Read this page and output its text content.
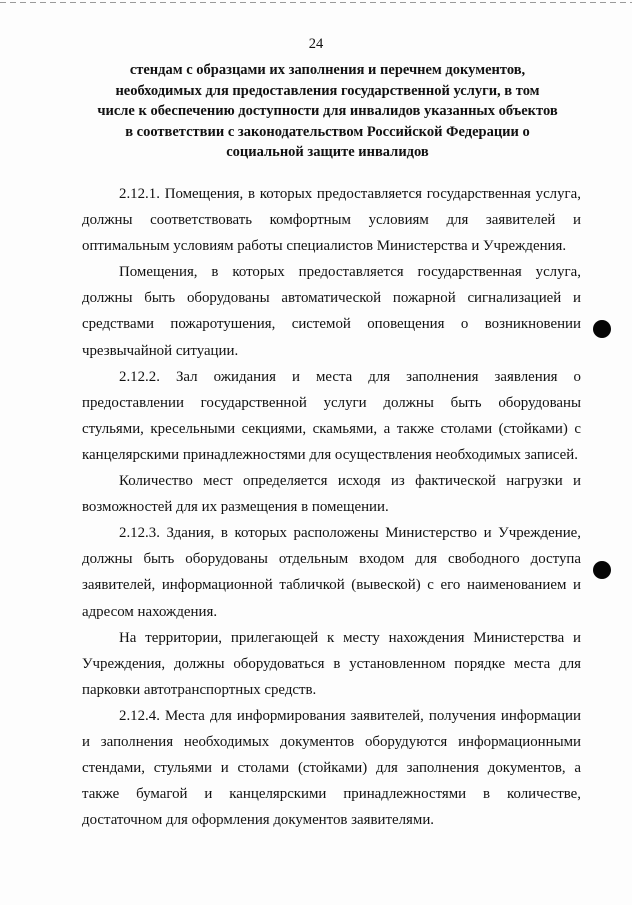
24
стендам с образцами их заполнения и перечнем документов, необходимых для предоставления государственной услуги, в том числе к обеспечению доступности для инвалидов указанных объектов в соответствии с законодательством Российской Федерации о социальной защите инвалидов

2.12.1. Помещения, в которых предоставляется государственная услуга, должны соответствовать комфортным условиям для заявителей и оптимальным условиям работы специалистов Министерства и Учреждения.

Помещения, в которых предоставляется государственная услуга, должны быть оборудованы автоматической пожарной сигнализацией и средствами пожаротушения, системой оповещения о возникновении чрезвычайной ситуации.

2.12.2. Зал ожидания и места для заполнения заявления о предоставлении государственной услуги должны быть оборудованы стульями, кресельными секциями, скамьями, а также столами (стойками) с канцелярскими принадлежностями для осуществления необходимых записей.

Количество мест определяется исходя из фактической нагрузки и возможностей для их размещения в помещении.

2.12.3. Здания, в которых расположены Министерство и Учреждение, должны быть оборудованы отдельным входом для свободного доступа заявителей, информационной табличкой (вывеской) с его наименованием и адресом нахождения.

На территории, прилегающей к месту нахождения Министерства и Учреждения, должны оборудоваться в установленном порядке места для парковки автотранспортных средств.

2.12.4. Места для информирования заявителей, получения информации и заполнения необходимых документов оборудуются информационными стендами, стульями и столами (стойками) для заполнения документов, а также бумагой и канцелярскими принадлежностями в количестве, достаточном для оформления документов заявителями.
